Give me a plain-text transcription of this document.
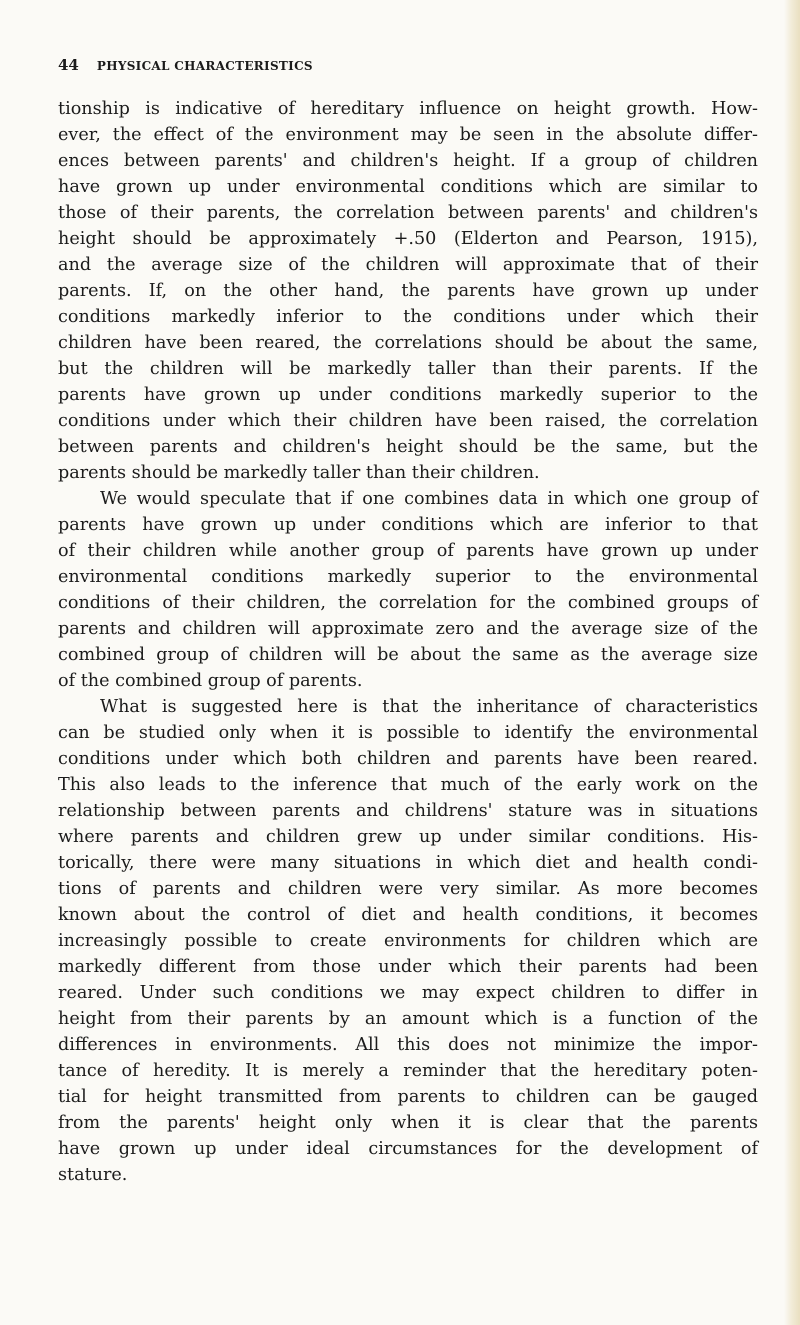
44 PHYSICAL CHARACTERISTICS
tionship is indicative of hereditary influence on height growth. How-
ever, the effect of the environment may be seen in the absolute differ-
ences between parents' and children's height. If a group of children
have grown up under environmental conditions which are similar to
those of their parents, the correlation between parents' and children's
height should be approximately +.50 (Elderton and Pearson, 1915),
and the average size of the children will approximate that of their
parents. If, on the other hand, the parents have grown up under
conditions markedly inferior to the conditions under which their
children have been reared, the correlations should be about the same,
but the children will be markedly taller than their parents. If the
parents have grown up under conditions markedly superior to the
conditions under which their children have been raised, the correlation
between parents and children's height should be the same, but the
parents should be markedly taller than their children.
We would speculate that if one combines data in which one group of
parents have grown up under conditions which are inferior to that
of their children while another group of parents have grown up under
environmental conditions markedly superior to the environmental
conditions of their children, the correlation for the combined groups of
parents and children will approximate zero and the average size of the
combined group of children will be about the same as the average size
of the combined group of parents.
What is suggested here is that the inheritance of characteristics
can be studied only when it is possible to identify the environmental
conditions under which both children and parents have been reared.
This also leads to the inference that much of the early work on the
relationship between parents and childrens' stature was in situations
where parents and children grew up under similar conditions. His-
torically, there were many situations in which diet and health condi-
tions of parents and children were very similar. As more becomes
known about the control of diet and health conditions, it becomes
increasingly possible to create environments for children which are
markedly different from those under which their parents had been
reared. Under such conditions we may expect children to differ in
height from their parents by an amount which is a function of the
differences in environments. All this does not minimize the impor-
tance of heredity. It is merely a reminder that the hereditary poten-
tial for height transmitted from parents to children can be gauged
from the parents' height only when it is clear that the parents
have grown up under ideal circumstances for the development of
stature.
